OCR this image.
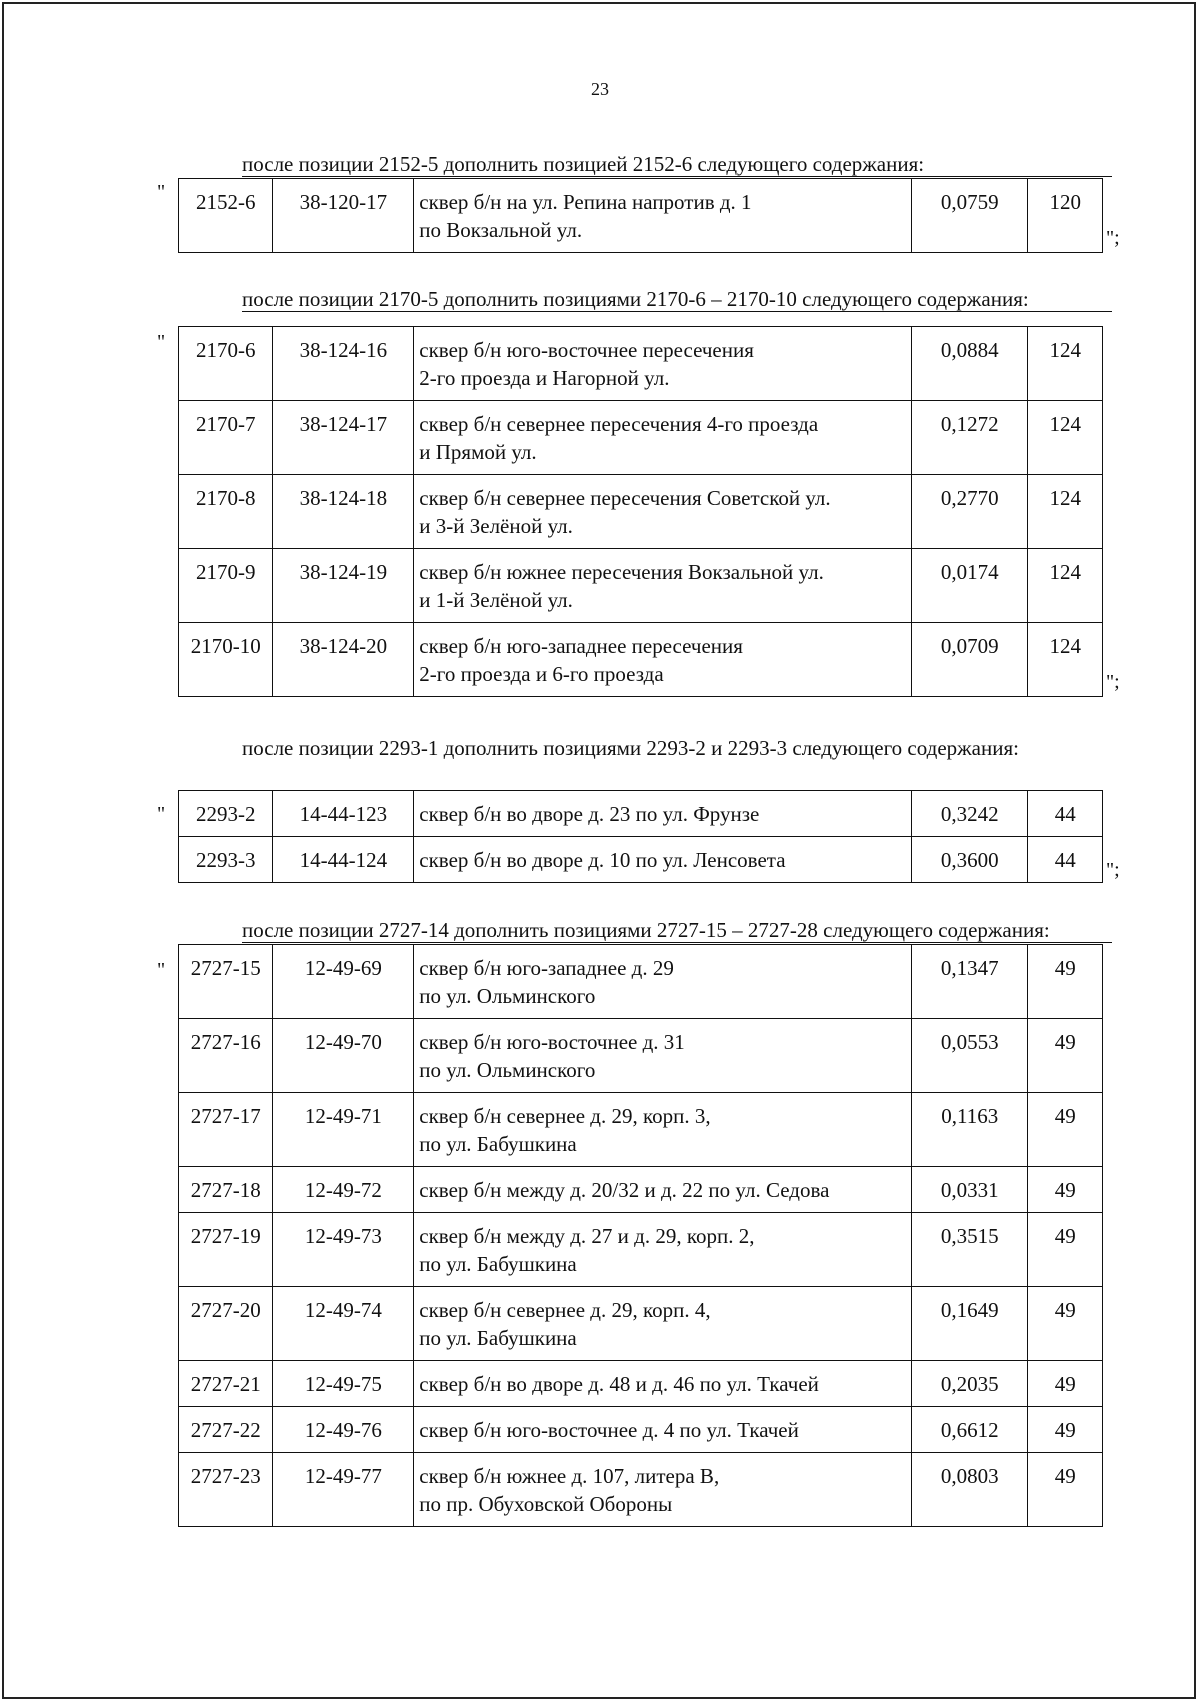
23
после позиции 2152-5 дополнить позицией 2152-6 следующего содержания:
" 2152-6	38-120-17	сквер б/н на ул. Репина напротив д. 1
по Вокзальной ул.
	0,0759	120
";
после позиции 2170-5 дополнить позициями 2170-6 – 2170-10 следующего содержания:
" 2170-6	38-124-16	сквер б/н юго-восточнее пересечения
2-го проезда и Нагорной ул.	0,0884	124
2170-7	38-124-17	сквер б/н севернее пересечения 4-го проезда
и Прямой ул.	0,1272	124
2170-8	38-124-18	сквер б/н севернее пересечения Советской ул.
и 3-й Зелёной ул.	0,2770	124
2170-9	38-124-19	сквер б/н южнее пересечения Вокзальной ул.
и 1-й Зелёной ул.	0,0174	124
2170-10	38-124-20	сквер б/н юго-западнее пересечения
2-го проезда и 6-го проезда	0,0709	124
";
после позиции 2293-1 дополнить позициями 2293-2 и 2293-3 следующего содержания:
" 2293-2	14-44-123	сквер б/н во дворе д. 23 по ул. Фрунзе	0,3242	44
2293-3	14-44-124	сквер б/н во дворе д. 10 по ул. Ленсовета	0,3600	44 ";
после позиции 2727-14 дополнить позициями 2727-15 – 2727-28 следующего содержания:
" 2727-15	12-49-69	сквер б/н юго-западнее д. 29
по ул. Ольминского	0,1347	49
2727-16	12-49-70	сквер б/н юго-восточнее д. 31
по ул. Ольминского	0,0553	49
2727-17	12-49-71	сквер б/н севернее д. 29, корп. 3,
по ул. Бабушкина	0,1163	49
2727-18	12-49-72	сквер б/н между д. 20/32 и д. 22 по ул. Седова	0,0331	49
2727-19	12-49-73	сквер б/н между д. 27 и д. 29, корп. 2,
по ул. Бабушкина	0,3515	49
2727-20	12-49-74	сквер б/н севернее д. 29, корп. 4,
по ул. Бабушкина	0,1649	49
2727-21	12-49-75	сквер б/н во дворе д. 48 и д. 46 по ул. Ткачей	0,2035	49
2727-22	12-49-76	сквер б/н юго-восточнее д. 4 по ул. Ткачей	0,6612	49
2727-23	12-49-77	сквер б/н южнее д. 107, литера В,
по пр. Обуховской Обороны	0,0803	49
